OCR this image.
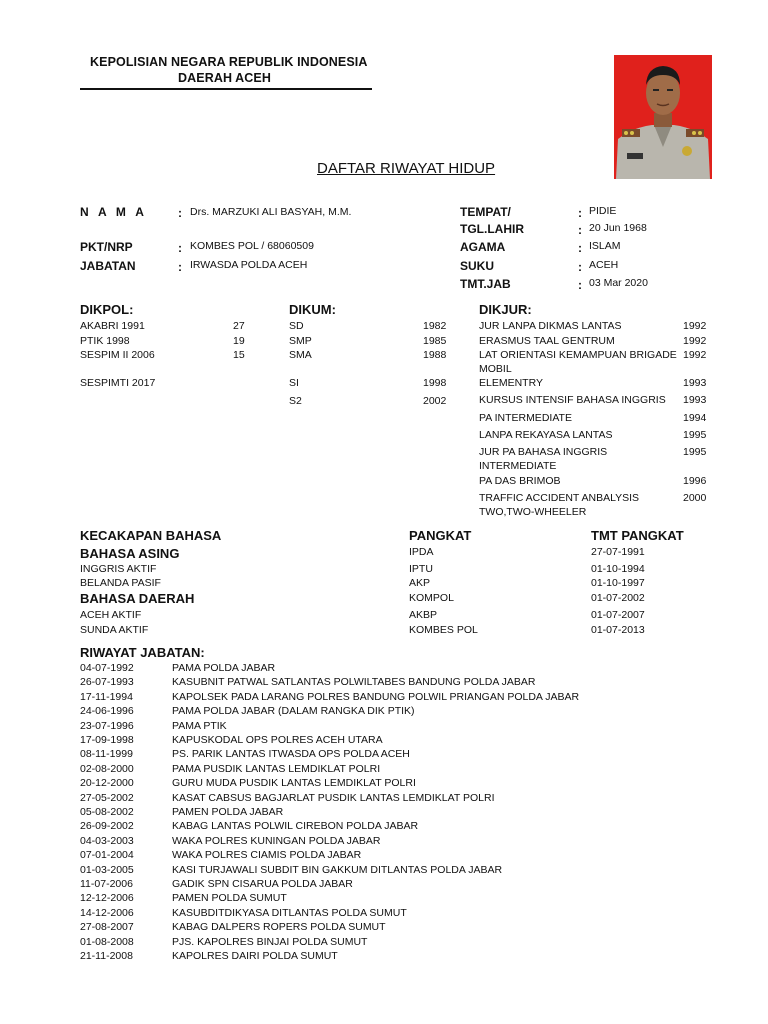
KEPOLISIAN NEGARA REPUBLIK INDONESIA
DAERAH ACEH
DAFTAR RIWAYAT HIDUP
N A M A	: Drs. MARZUKI ALI BASYAH, M.M.
PKT/NRP	: KOMBES POL / 68060509
JABATAN	: IRWASDA POLDA ACEH
TEMPAT/	: PIDIE
TGL.LAHIR	: 20 Jun 1968
AGAMA	: ISLAM
SUKU	: ACEH
TMT.JAB	: 03 Mar 2020
DIKPOL:
AKABRI 1991	27
PTIK 1998	19
SESPIM II 2006	15
SESPIMTI 2017
DIKUM:
SD	1982
SMP	1985
SMA	1988
SI	1998
S2	2002
DIKJUR:
JUR LANPA DIKMAS LANTAS	1992
ERASMUS TAAL GENTRUM	1992
LAT ORIENTASI KEMAMPUAN BRIGADE MOBIL
1992
ELEMENTRY	1993
KURSUS INTENSIF BAHASA INGGRIS 1993
PA INTERMEDIATE	1994
LANPA REKAYASA LANTAS	1995
JUR PA BAHASA INGGRIS INTERMEDIATE
1995
PA DAS BRIMOB	1996
TRAFFIC ACCIDENT ANBALYSIS TWO,TWO-WHEELER
2000
KECAKAPAN BAHASA
BAHASA ASING
INGGRIS AKTIF
BELANDA PASIF
BAHASA DAERAH
ACEH AKTIF
SUNDA AKTIF
PANGKAT	TMT PANGKAT
IPDA	27-07-1991
IPTU	01-10-1994
AKP	01-10-1997
KOMPOL	01-07-2002
AKBP	01-07-2007
KOMBES POL	01-07-2013
RIWAYAT JABATAN:
04-07-1992	PAMA POLDA JABAR
26-07-1993	KASUBNIT PATWAL SATLANTAS POLWILTABES BANDUNG POLDA JABAR
17-11-1994	KAPOLSEK PADA LARANG POLRES BANDUNG POLWIL PRIANGAN POLDA JABAR
24-06-1996	PAMA POLDA JABAR (DALAM RANGKA DIK PTIK)
23-07-1996	PAMA PTIK
17-09-1998	KAPUSKODAL OPS POLRES ACEH UTARA
08-11-1999	PS. PARIK LANTAS ITWASDA OPS POLDA ACEH
02-08-2000	PAMA PUSDIK LANTAS LEMDIKLAT POLRI
20-12-2000	GURU MUDA PUSDIK LANTAS LEMDIKLAT POLRI
27-05-2002	KASAT CABSUS BAGJARLAT PUSDIK LANTAS LEMDIKLAT POLRI
05-08-2002	PAMEN POLDA JABAR
26-09-2002	KABAG LANTAS POLWIL CIREBON POLDA JABAR
04-03-2003	WAKA POLRES KUNINGAN POLDA JABAR
07-01-2004	WAKA POLRES CIAMIS POLDA JABAR
01-03-2005	KASI TURJAWALI SUBDIT BIN GAKKUM DITLANTAS POLDA JABAR
11-07-2006	GADIK SPN CISARUA POLDA JABAR
12-12-2006	PAMEN POLDA SUMUT
14-12-2006	KASUBDITDIKYASA DITLANTAS POLDA SUMUT
27-08-2007	KABAG DALPERS ROPERS POLDA SUMUT
01-08-2008	PJS. KAPOLRES BINJAI POLDA SUMUT
21-11-2008	KAPOLRES DAIRI POLDA SUMUT
